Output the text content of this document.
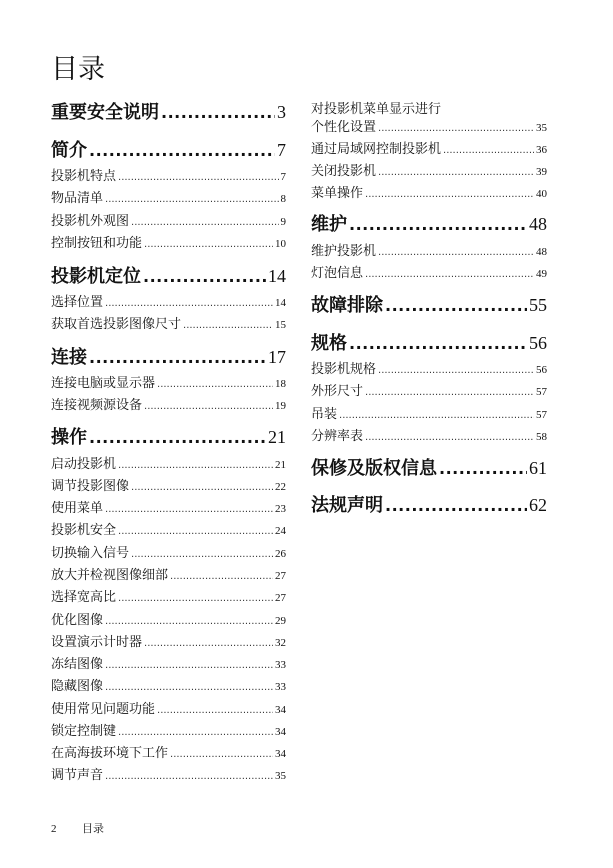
目录
重要安全说明 .....	3
简介 .....	7
投影机特点 .....	7
物品清单 .....	8
投影机外观图 .....	9
控制按钮和功能 .....	10
投影机定位 .....	14
选择位置 .....	14
获取首选投影图像尺寸 .....	15
连接 .....	17
连接电脑或显示器 .....	18
连接视频源设备 .....	19
操作 .....	21
启动投影机 .....	21
调节投影图像 .....	22
使用菜单 .....	23
投影机安全 .....	24
切换输入信号 .....	26
放大并检视图像细部 .....	27
选择宽高比 .....	27
优化图像 .....	29
设置演示计时器 .....	32
冻结图像 .....	33
隐藏图像 .....	33
使用常见问题功能 .....	34
锁定控制键 .....	34
在高海拔环境下工作 .....	34
调节声音 .....	35
对投影机菜单显示进行
个性化设置 .....	35
通过局域网控制投影机 .....	36
关闭投影机 .....	39
菜单操作 .....	40
维护 .....	48
维护投影机 .....	48
灯泡信息 .....	49
故障排除 .....	55
规格 .....	56
投影机规格 .....	56
外形尺寸 .....	57
吊装 .....	57
分辨率表 .....	58
保修及版权信息 .....	61
法规声明 .....	62
2 目录
